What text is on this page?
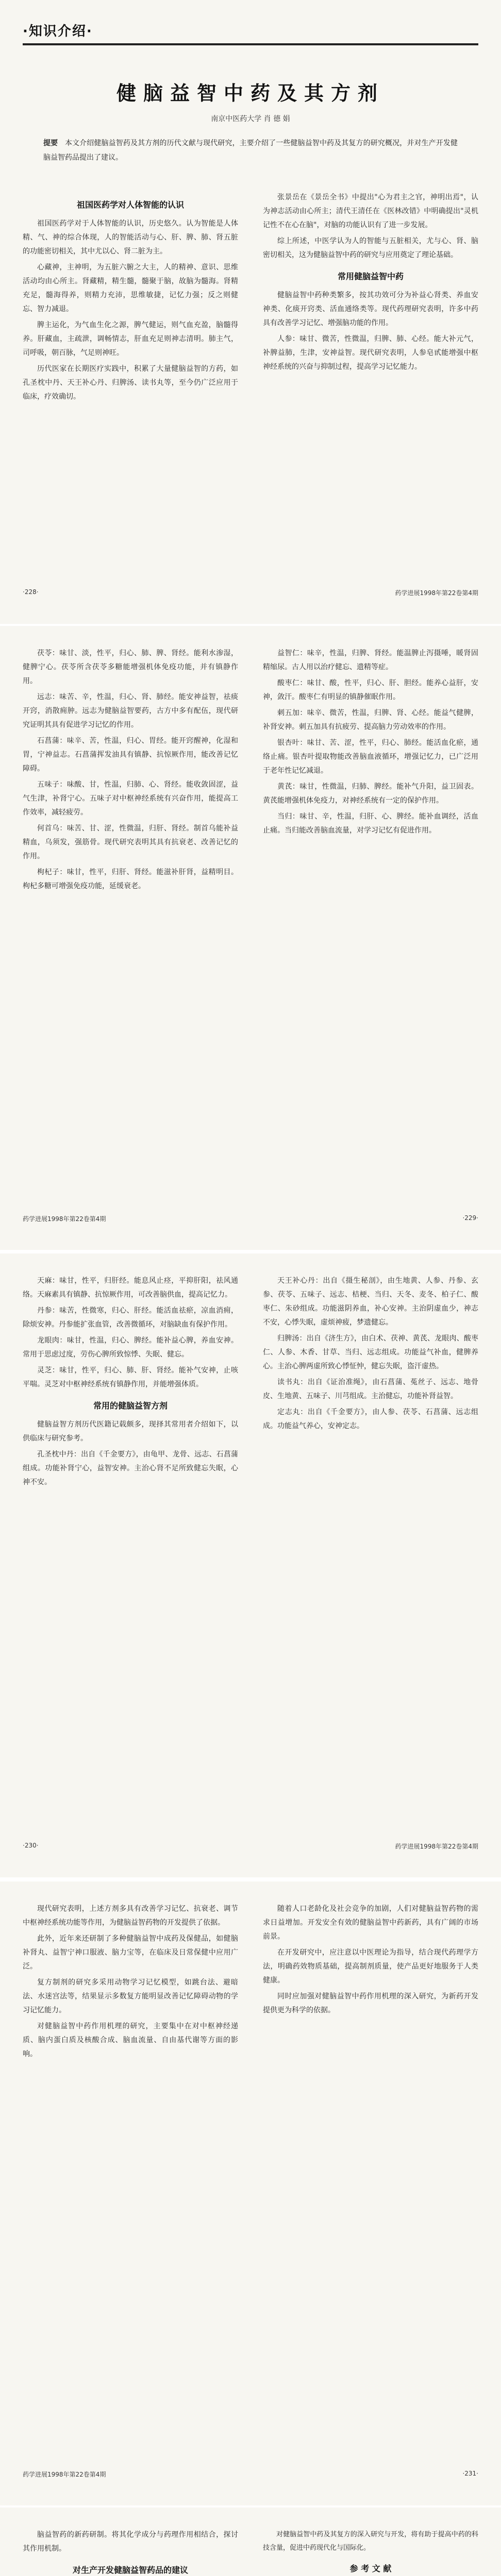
·知识介绍·
健脑益智中药及其方剂
南京中医药大学 肖 德 娟
提要 本文介绍健脑益智药及其方剂的历代文献与现代研究，主要介绍了一些健脑益智中药及其复方的研究概况，并对生产开发健脑益智药品提出了建议。
祖国医药学对人体智能的认识

祖国医药学对于人体智能的认识，历史悠久。认为智能是人体精、气、神的综合体现，人的智能活动与心、肝、脾、肺、肾五脏的功能密切相关，其中尤以心、肾二脏为主。

心藏神，主神明，为五脏六腑之大主，人的精神、意识、思维活动均由心所主。肾藏精，精生髓，髓聚于脑，故脑为髓海。肾精充足，髓海得养，则精力充沛，思维敏捷，记忆力强；反之则健忘、智力减退。

脾主运化，为气血生化之源，脾气健运，则气血充盈，脑髓得养。肝藏血，主疏泄，调畅情志，肝血充足则神志清明。肺主气，司呼吸，朝百脉，气足则神旺。

历代医家在长期医疗实践中，积累了大量健脑益智的方药，如孔圣枕中丹、天王补心丹、归脾汤、读书丸等，至今仍广泛应用于临床，疗效确切。

张景岳在《景岳全书》中提出"心为君主之官，神明出焉"，认为神志活动由心所主；清代王清任在《医林改错》中明确提出"灵机记性不在心在脑"，对脑的功能认识有了进一步发展。

综上所述，中医学认为人的智能与五脏相关，尤与心、肾、脑密切相关，这为健脑益智中药的研究与应用奠定了理论基础。

常用健脑益智中药

健脑益智中药种类繁多，按其功效可分为补益心肾类、养血安神类、化痰开窍类、活血通络类等。现代药理研究表明，许多中药具有改善学习记忆、增强脑功能的作用。

人参：味甘、微苦，性微温，归脾、肺、心经。能大补元气，补脾益肺，生津，安神益智。现代研究表明，人参皂甙能增强中枢神经系统的兴奋与抑制过程，提高学习记忆能力。

·228·	药学进展1998年第22卷第4期

茯苓：味甘、淡，性平，归心、肺、脾、肾经。能利水渗湿，健脾宁心。茯苓所含茯苓多糖能增强机体免疫功能，并有镇静作用。

远志：味苦、辛，性温，归心、肾、肺经。能安神益智，祛痰开窍，消散痈肿。远志为健脑益智要药，古方中多有配伍，现代研究证明其具有促进学习记忆的作用。

石菖蒲：味辛、苦，性温，归心、胃经。能开窍醒神，化湿和胃，宁神益志。石菖蒲挥发油具有镇静、抗惊厥作用，能改善记忆障碍。

五味子：味酸、甘，性温，归肺、心、肾经。能收敛固涩，益气生津，补肾宁心。五味子对中枢神经系统有兴奋作用，能提高工作效率，减轻疲劳。

何首乌：味苦、甘、涩，性微温，归肝、肾经。制首乌能补益精血，乌须发，强筋骨。现代研究表明其具有抗衰老、改善记忆的作用。

枸杞子：味甘，性平，归肝、肾经。能滋补肝肾，益精明目。枸杞多糖可增强免疫功能，延缓衰老。

益智仁：味辛，性温，归脾、肾经。能温脾止泻摄唾，暖肾固精缩尿。古人用以治疗健忘、遗精等症。

酸枣仁：味甘、酸，性平，归心、肝、胆经。能养心益肝，安神，敛汗。酸枣仁有明显的镇静催眠作用。

刺五加：味辛、微苦，性温，归脾、肾、心经。能益气健脾，补肾安神。刺五加具有抗疲劳、提高脑力劳动效率的作用。

银杏叶：味甘、苦、涩，性平，归心、肺经。能活血化瘀，通络止痛。银杏叶提取物能改善脑血液循环，增强记忆力，已广泛用于老年性记忆减退。

黄芪：味甘，性微温，归肺、脾经。能补气升阳，益卫固表。黄芪能增强机体免疫力，对神经系统有一定的保护作用。

当归：味甘、辛，性温，归肝、心、脾经。能补血调经，活血止痛。当归能改善脑血流量，对学习记忆有促进作用。

药学进展1998年第22卷第4期	·229·

天麻：味甘，性平，归肝经。能息风止痉，平抑肝阳，祛风通络。天麻素具有镇静、抗惊厥作用，可改善脑供血，提高记忆力。

丹参：味苦，性微寒，归心、肝经。能活血祛瘀，凉血消痈，除烦安神。丹参能扩张血管，改善微循环，对脑缺血有保护作用。

龙眼肉：味甘，性温，归心、脾经。能补益心脾，养血安神。常用于思虑过度，劳伤心脾所致惊悸、失眠、健忘。

灵芝：味甘，性平，归心、肺、肝、肾经。能补气安神，止咳平喘。灵芝对中枢神经系统有镇静作用，并能增强体质。

常用的健脑益智方剂

健脑益智方剂历代医籍记载颇多，现择其常用者介绍如下，以供临床与研究参考。

孔圣枕中丹：出自《千金要方》，由龟甲、龙骨、远志、石菖蒲组成。功能补肾宁心，益智安神。主治心肾不足所致健忘失眠，心神不安。

天王补心丹：出自《摄生秘剖》，由生地黄、人参、丹参、玄参、茯苓、五味子、远志、桔梗、当归、天冬、麦冬、柏子仁、酸枣仁、朱砂组成。功能滋阴养血，补心安神。主治阴虚血少，神志不安，心悸失眠，虚烦神疲，梦遗健忘。

归脾汤：出自《济生方》，由白术、茯神、黄芪、龙眼肉、酸枣仁、人参、木香、甘草、当归、远志组成。功能益气补血，健脾养心。主治心脾两虚所致心悸怔忡，健忘失眠，盗汗虚热。

读书丸：出自《证治准绳》，由石菖蒲、菟丝子、远志、地骨皮、生地黄、五味子、川芎组成。主治健忘，功能补肾益智。

定志丸：出自《千金要方》，由人参、茯苓、石菖蒲、远志组成。功能益气养心，安神定志。

·230·	药学进展1998年第22卷第4期

现代研究表明，上述方剂多具有改善学习记忆、抗衰老、调节中枢神经系统功能等作用，为健脑益智药物的开发提供了依据。

此外，近年来还研制了多种健脑益智中成药及保健品，如健脑补肾丸、益智宁神口服液、脑力宝等，在临床及日常保健中应用广泛。

复方制剂的研究多采用动物学习记忆模型，如跳台法、避暗法、水迷宫法等，结果显示多数复方能明显改善记忆障碍动物的学习记忆能力。

对健脑益智中药作用机理的研究，主要集中在对中枢神经递质、脑内蛋白质及核酸合成、脑血流量、自由基代谢等方面的影响。

随着人口老龄化及社会竞争的加剧，人们对健脑益智药物的需求日益增加。开发安全有效的健脑益智中药新药，具有广阔的市场前景。

在开发研究中，应注意以中医理论为指导，结合现代药理学方法，明确药效物质基础，提高制剂质量，使产品更好地服务于人类健康。

同时应加强对健脑益智中药作用机理的深入研究，为新药开发提供更为科学的依据。

药学进展1998年第22卷第4期	·231·

脑益智药的新药研制。将其化学成分与药理作用相结合，探讨其作用机制。

对生产开发健脑益智药品的建议

对健脑益智中药及其复方的深入研究与开发，将有助于提高中药的科技含量，促进中药现代化与国际化。

参 考 文 献
